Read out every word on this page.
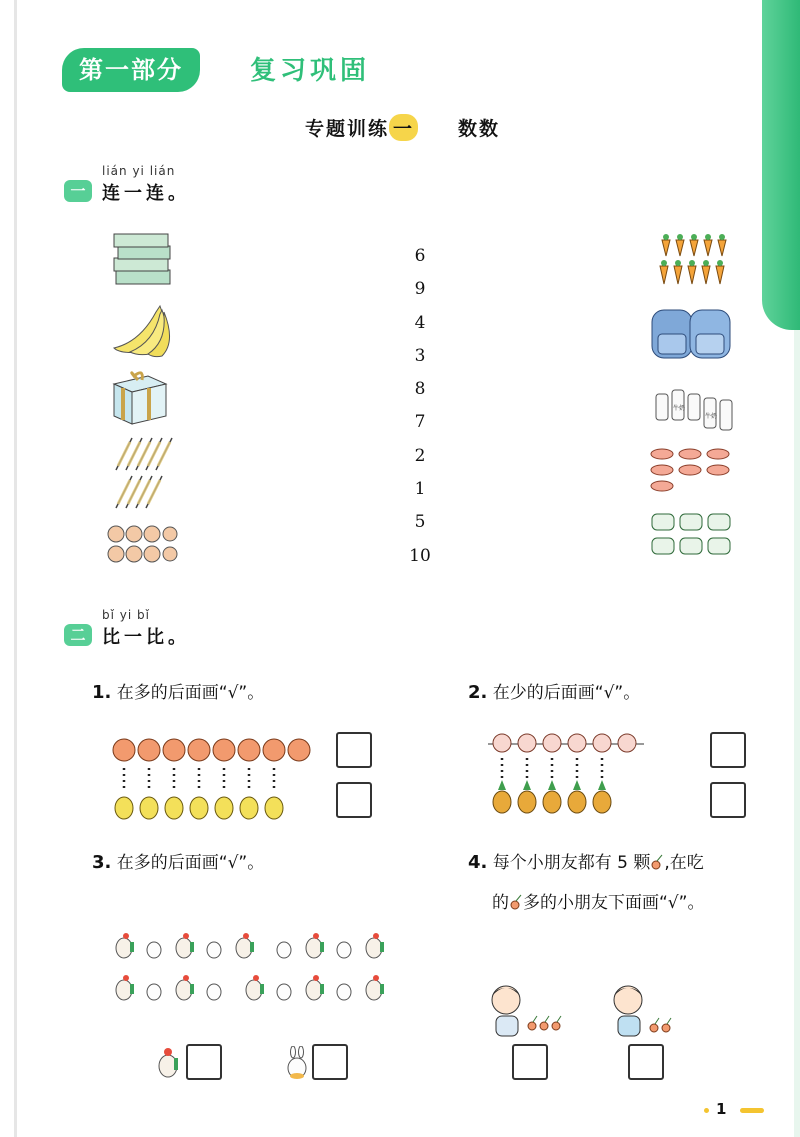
第一部分	复习巩固
专题训练 一 数数
lián yi lián
一 连一连。
6
9
4
3
8
7
2
1
5
10
牛奶
牛奶
bǐ yi bǐ
二 比一比。
1. 在多的后面画“√”。	2. 在少的后面画“√”。
3. 在多的后面画“√”。	4. 每个小朋友都有 5 颗 ,在吃
的 多的小朋友下面画“√”。
1
